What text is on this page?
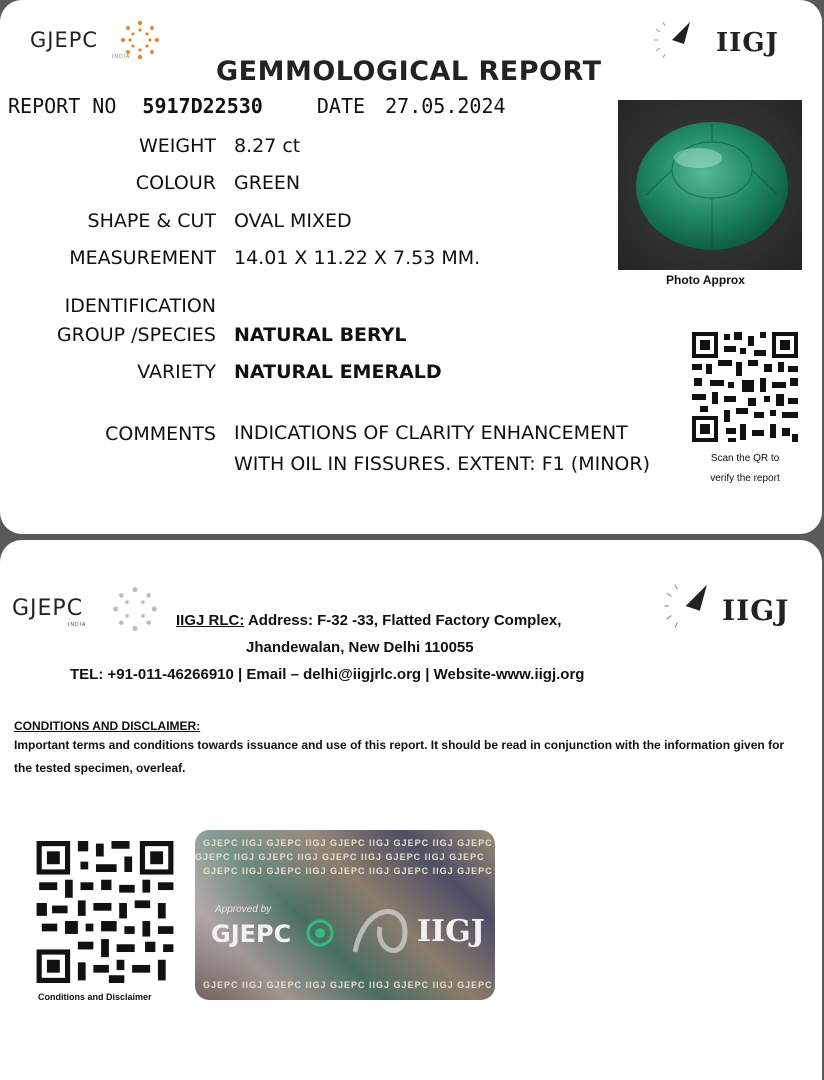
GJEPC
INDIA	IIGJ
GEMMOLOGICAL REPORT
REPORT NO 5917D22530	DATE 27.05.2024
WEIGHT 8.27 ct
COLOUR GREEN
SHAPE & CUT OVAL MIXED
MEASUREMENT 14.01 X 11.22 X 7.53 MM.
IDENTIFICATION
GROUP /SPECIES NATURAL BERYL
VARIETY NATURAL EMERALD
COMMENTS INDICATIONS OF CLARITY ENHANCEMENT WITH OIL IN FISSURES. EXTENT: F1 (MINOR)
Photo Approx
Scan the QR to
verify the report
GJEPC
INDIA	IIGJ
IIGJ RLC: Address: F-32 -33, Flatted Factory Complex,
Jhandewalan, New Delhi 110055
TEL: +91-011-46266910 | Email – delhi@iigjrlc.org | Website-www.iigj.org
CONDITIONS AND DISCLAIMER:
Important terms and conditions towards issuance and use of this report. It should be read in conjunction with the information given for the tested specimen, overleaf.
Conditions and Disclaimer
GJEPC IIGJ GJEPC IIGJ GJEPC IIGJ GJEPC IIGJ GJEPC
GJEPC IIGJ GJEPC IIGJ GJEPC IIGJ GJEPC IIGJ GJEPC
GJEPC IIGJ GJEPC IIGJ GJEPC IIGJ GJEPC IIGJ GJEPC
GJEPC IIGJ GJEPC IIGJ GJEPC IIGJ GJEPC IIGJ GJEPC
Approved by
GJEPC	IIGJ
